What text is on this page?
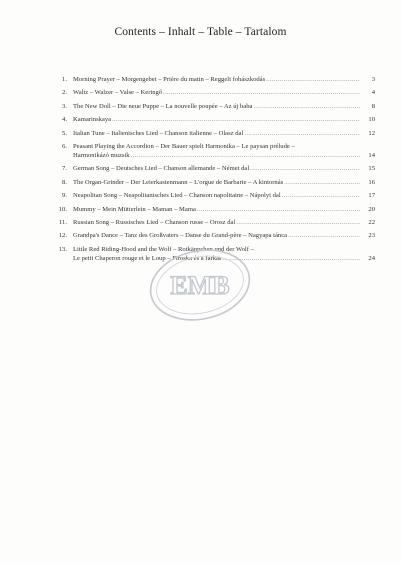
Contents – Inhalt – Table – Tartalom
1. Morning Prayer – Morgengebet – Prière du matin – Reggeli fohászkodás .....	3
2. Waltz – Walzer – Valse – Keringő .....	4
3. The New Doll – Die neue Puppe – La nouvelle poupée – Az új baba .....	8
4. Kamarinskaya .....	10
5. Italian Tune – Italienisches Lied – Chanson italienne – Olasz dal .....	12
6. Peasant Playing the Accordion – Der Bauer spielt Harmonika – Le paysan prélude –
Harmonikázó muzsik .....	14
7. German Song – Deutsches Lied – Chanson allemande – Német dal .....	15
8. The Organ-Grinder – Der Leierkastenmann – L'orgue de Barbarie – A kintornás .....	16
9. Neapolitan Song – Neapolitanisches Lied – Chanson napolitaine – Nápolyi dal .....	17
10. Mummy – Mein Mütterlein – Maman – Mama .....	20
11. Russian Song – Russisches Lied – Chanson russe – Orosz dal .....	22
12. Grandpa's Dance – Tanz des Großvaters – Danse du Grand-père – Nagyapa tánca .....	23
13. Little Red Riding-Hood and the Wolf – Rotkäppchen und der Wolf –
Le petit Chaperon rouge et le Loup – Piroska és a farkas .....	24
EMB
